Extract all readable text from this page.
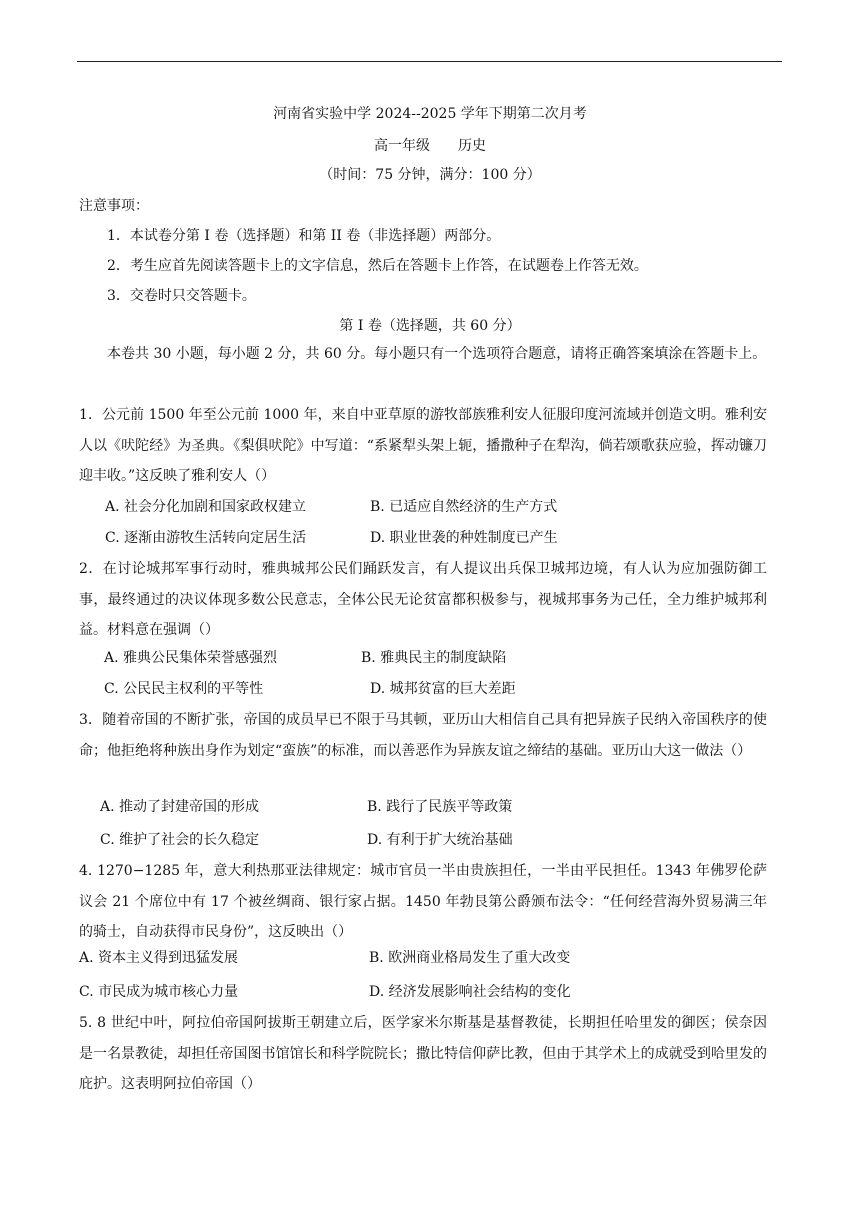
河南省实验中学 2024--2025 学年下期第二次月考
高一年级　　历史
（时间：75 分钟，满分：100 分）
注意事项：
1．本试卷分第 I 卷（选择题）和第 II 卷（非选择题）两部分。
2．考生应首先阅读答题卡上的文字信息，然后在答题卡上作答，在试题卷上作答无效。
3．交卷时只交答题卡。
第 I 卷（选择题，共 60 分）
本卷共 30 小题，每小题 2 分，共 60 分。每小题只有一个选项符合题意，请将正确答案填涂在答题卡上。
1．公元前 1500 年至公元前 1000 年，来自中亚草原的游牧部族雅利安人征服印度河流域并创造文明。雅利安人以《吠陀经》为圣典。《梨俱吠陀》中写道：“系紧犁头架上轭，播撒种子在犁沟，倘若颂歌获应验，挥动镰刀迎丰收。”这反映了雅利安人（）
A. 社会分化加剧和国家政权建立	B. 已适应自然经济的生产方式
C. 逐渐由游牧生活转向定居生活	D. 职业世袭的种姓制度已产生
2．在讨论城邦军事行动时，雅典城邦公民们踊跃发言，有人提议出兵保卫城邦边境，有人认为应加强防御工事，最终通过的决议体现多数公民意志，全体公民无论贫富都积极参与，视城邦事务为己任，全力维护城邦利益。材料意在强调（）
A. 雅典公民集体荣誉感强烈	B. 雅典民主的制度缺陷
C. 公民民主权利的平等性	D. 城邦贫富的巨大差距
3．随着帝国的不断扩张，帝国的成员早已不限于马其顿，亚历山大相信自己具有把异族子民纳入帝国秩序的使命；他拒绝将种族出身作为划定“蛮族”的标准，而以善恶作为异族友谊之缔结的基础。亚历山大这一做法（）
A. 推动了封建帝国的形成	B. 践行了民族平等政策
C. 维护了社会的长久稳定	D. 有利于扩大统治基础
4. 1270−1285 年，意大利热那亚法律规定：城市官员一半由贵族担任，一半由平民担任。1343 年佛罗伦萨议会 21 个席位中有 17 个被丝绸商、银行家占据。1450 年勃艮第公爵颁布法令：“任何经营海外贸易满三年的骑士，自动获得市民身份”，这反映出（）
A. 资本主义得到迅猛发展	B. 欧洲商业格局发生了重大改变
C. 市民成为城市核心力量	D. 经济发展影响社会结构的变化
5. 8 世纪中叶，阿拉伯帝国阿拔斯王朝建立后，医学家米尔斯基是基督教徒，长期担任哈里发的御医；侯奈因是一名景教徒，却担任帝国图书馆馆长和科学院院长；撒比特信仰萨比教，但由于其学术上的成就受到哈里发的庇护。这表明阿拉伯帝国（）
